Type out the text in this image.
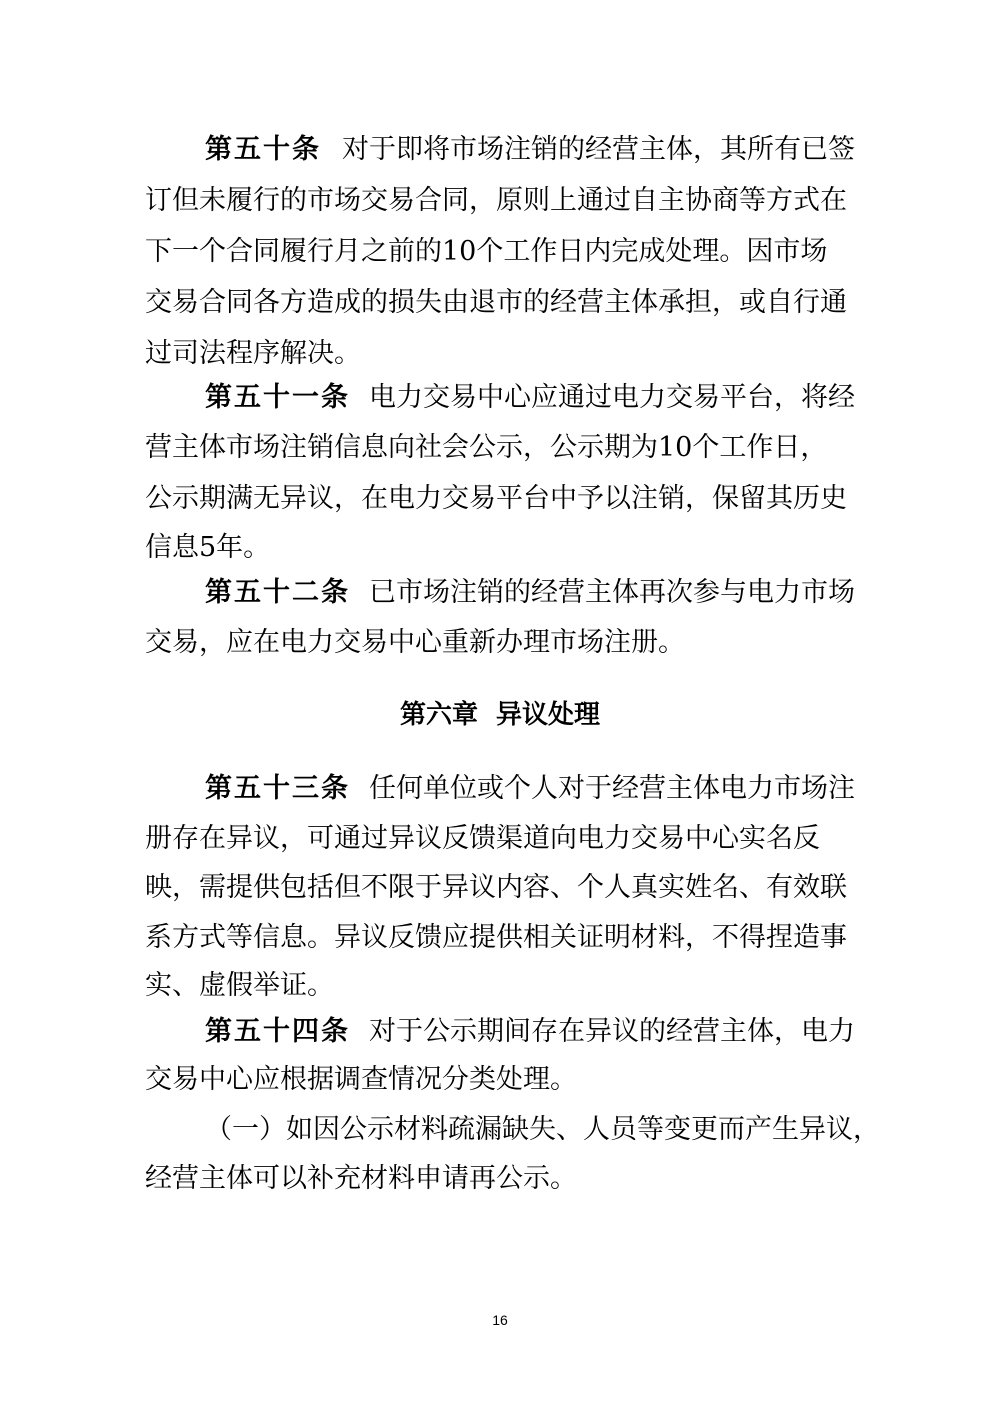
第五十条 对于即将市场注销的经营主体，其所有已签
订但未履行的市场交易合同，原则上通过自主协商等方式在
下一个合同履行月之前的10个工作日内完成处理。因市场
交易合同各方造成的损失由退市的经营主体承担，或自行通
过司法程序解决。
第五十一条 电力交易中心应通过电力交易平台，将经
营主体市场注销信息向社会公示，公示期为10个工作日，
公示期满无异议，在电力交易平台中予以注销，保留其历史
信息5年。
第五十二条 已市场注销的经营主体再次参与电力市场
交易，应在电力交易中心重新办理市场注册。
第六章  异议处理
第五十三条 任何单位或个人对于经营主体电力市场注
册存在异议，可通过异议反馈渠道向电力交易中心实名反
映，需提供包括但不限于异议内容、个人真实姓名、有效联
系方式等信息。异议反馈应提供相关证明材料，不得捏造事
实、虚假举证。
第五十四条 对于公示期间存在异议的经营主体，电力
交易中心应根据调查情况分类处理。
（一）如因公示材料疏漏缺失、人员等变更而产生异议，
经营主体可以补充材料申请再公示。
16
